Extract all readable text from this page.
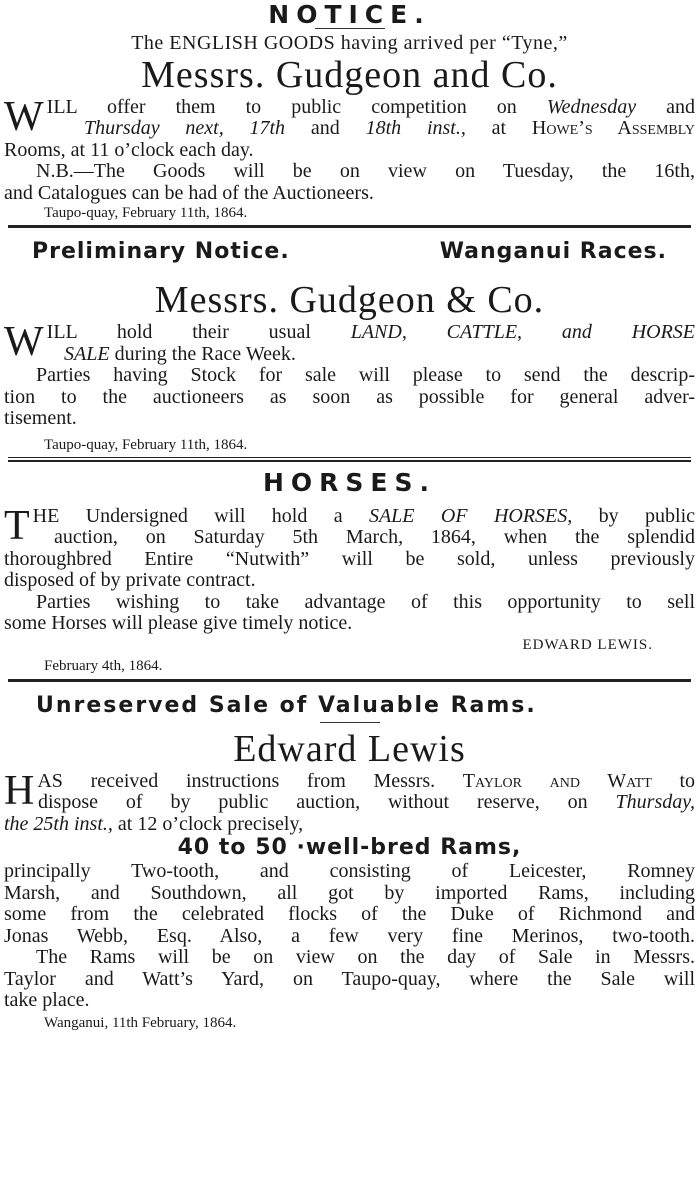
NOTICE.
The ENGLISH GOODS having arrived per “Tyne,”
Messrs. Gudgeon and Co.
W ILL offer them to public competition on Wednesday and
Thursday next, 17th and 18th inst., at Howe’s Assembly
Rooms, at 11 o’clock each day.
N.B.—The Goods will be on view on Tuesday, the 16th,
and Catalogues can be had of the Auctioneers.
Taupo-quay, February 11th, 1864.
Preliminary Notice.	Wanganui Races.
Messrs. Gudgeon & Co.
W ILL hold their usual LAND, CATTLE, and HORSE
SALE during the Race Week.
Parties having Stock for sale will please to send the descrip-
tion to the auctioneers as soon as possible for general adver-
tisement.
Taupo-quay, February 11th, 1864.
HORSES.
T HE Undersigned will hold a SALE OF HORSES, by public
auction, on Saturday 5th March, 1864, when the splendid
thoroughbred Entire “Nutwith” will be sold, unless previously
disposed of by private contract.
Parties wishing to take advantage of this opportunity to sell
some Horses will please give timely notice.
EDWARD LEWIS.
February 4th, 1864.
Unreserved Sale of Valuable Rams.
Edward Lewis
H AS received instructions from Messrs. Taylor and Watt to
dispose of by public auction, without reserve, on Thursday,
the 25th inst., at 12 o’clock precisely,
40 to 50 ·well-bred Rams,
principally Two-tooth, and consisting of Leicester, Romney
Marsh, and Southdown, all got by imported Rams, including
some from the celebrated flocks of the Duke of Richmond and
Jonas Webb, Esq. Also, a few very fine Merinos, two-tooth.
The Rams will be on view on the day of Sale in Messrs.
Taylor and Watt’s Yard, on Taupo-quay, where the Sale will
take place.
Wanganui, 11th February, 1864.
